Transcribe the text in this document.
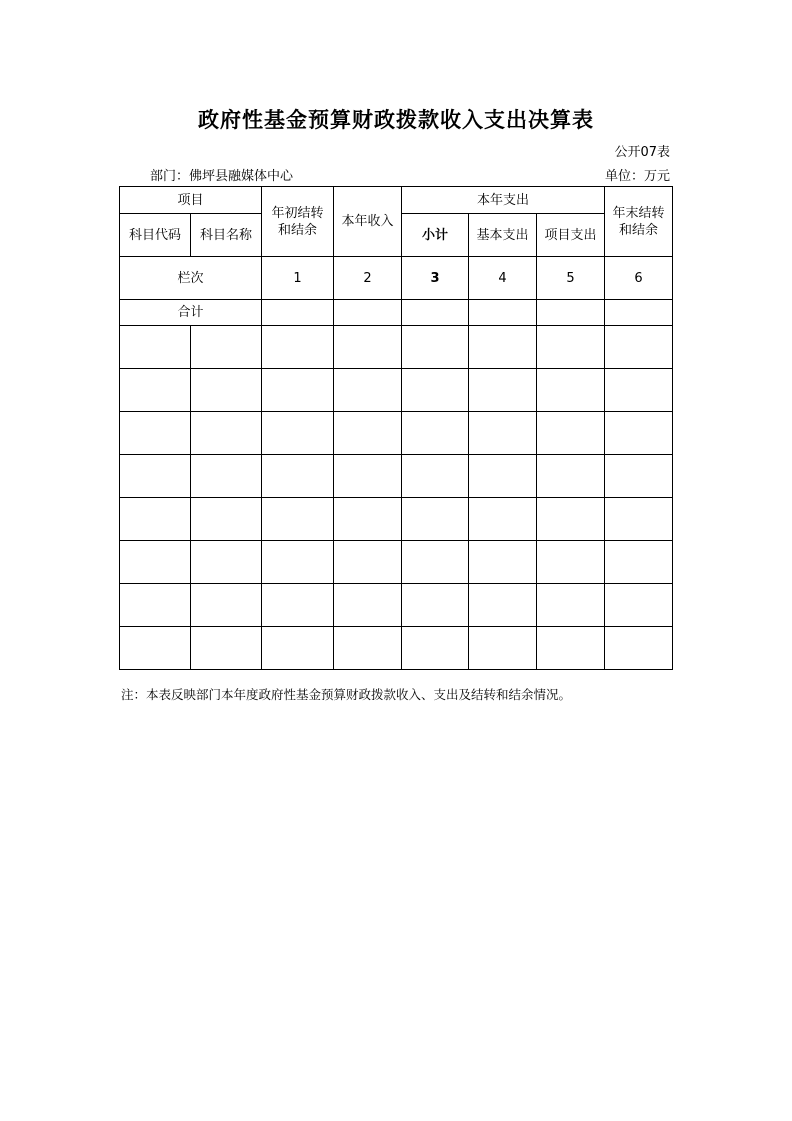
政府性基金预算财政拨款收入支出决算表
公开07表
部门：佛坪县融媒体中心	单位：万元
项目		年初结转和结余	本年收入	本年支出			年末结转和结余
科目代码	科目名称			小计	基本支出	项目支出	
栏次		1	2	3	4	5	6
合计							

注：本表反映部门本年度政府性基金预算财政拨款收入、支出及结转和结余情况。
